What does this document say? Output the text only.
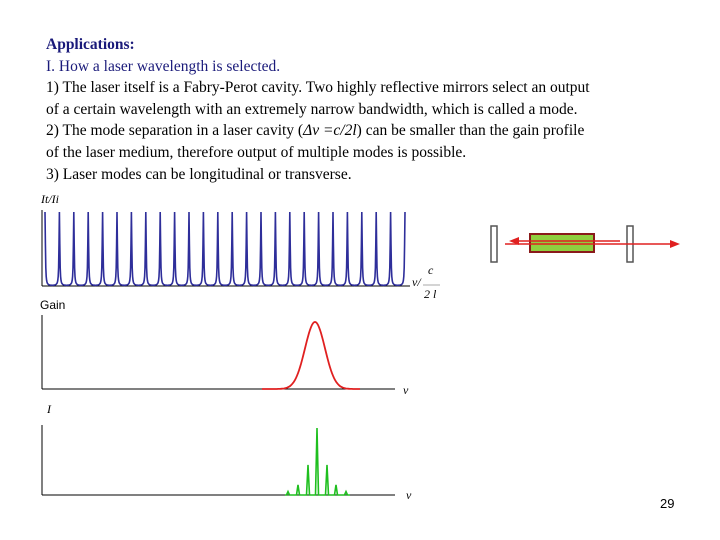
Applications:
I. How a laser wavelength is selected.
1) The laser itself is a Fabry-Perot cavity. Two highly reflective mirrors select an output
of a certain wavelength with an extremely narrow bandwidth, which is called a mode.
2) The mode separation in a laser cavity (Δν =c/2l) can be smaller than the gain profile
of the laser medium, therefore output of multiple modes is possible.
3) Laser modes can be longitudinal or transverse.
It/Ii
ν/
c
2 l
Gain
ν
I
ν
29
